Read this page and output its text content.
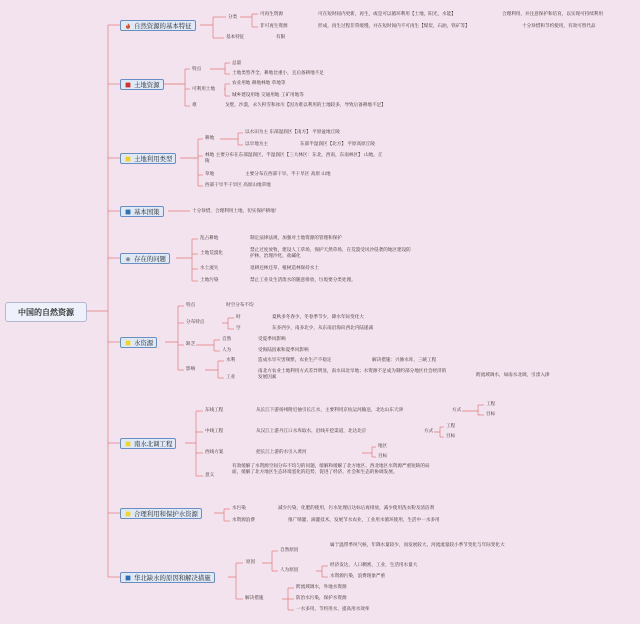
中国的自然资源
自然资源的基本特征
土地资源
土地利用类型
基本国策
存在的问题
水资源
南水北调工程
合理利用和保护水资源
华北缺水的原因和解决措施
分类
可再生资源	可在短时间内更新，再生，或是可以循环利用【土地，阳光，水能】	合理利用，并注意保护和培育，以实现可持续利用
非可再生资源	形成，再生过程非常缓慢，并在短时间内不可再生【煤炭，石油，铁矿等】	十分珍惜和节约使用，有效可替代品
基本特征	有限
特点
总量
土地类型齐全，耕地比重小，且后备耕地不足
可利用土地
农业用地 耕地林地 草地等
城乡建设用地 交通用地 工矿用地等
难	戈壁，沙漠，永久积雪和冰川【因为难以利用的土地较多，导致后备耕地不足】
耕地
以水田为主 东部湿润区【南方】 平原盆地丘陵
以旱地为主	东部半湿润区【北方】 平原高原丘陵
林地 主要分布在东部湿润区，半湿润区【三大林区：东北，西南，东南林区】 山地，丘陵
草地	主要分布在西部干旱、半干旱区 高原 山地
西部干旱半干旱区 高原山地草地
十分珍惜，合理利用土地，切实保护耕地！
乱占耕地	制定法律法规，加强对土地资源的管理和保护
土地荒漠化
禁止过度放牧，建设人工草场，保护天然草场，在荒漠受风沙侵袭的地区建设防护林，治理沙化，盐碱化
水土流失	退耕还林还草，植树造林保持水土
土地污染	禁止工业及生活废水的随意排放，垃圾要分类处理。
特点	时空分布不均
分布特点
时	夏秋多冬春少，冬春季节少，降水年际变化大
空	东多西少，南多北少，从东南沿海向西北内陆递减
缺乏
自然	受夏季风影响
人为	受海陆因素和夏季风影响
影响
水利	造成水旱灾害频繁，农业生产不稳定	解决措施：兴修水库，三峡工程
工业
南北方农业土地利用方式差异明显，南水田北旱地；水资源不足成为制约部分地区社会经济的发展因素	跨流域调水，如南水北调，引滦入津
东线工程	从长江下游扬州附近抽引长江水，主要利用京杭运河输送，北达山东天津	方式
工程
目标
中线工程	从汉江上游丹江口水库取水，沿线开挖渠道，北达北京	方式
工程
目标
西线方案	把长江上游的水引入黄河
地区
目标
意义
有效缓解了水资源空间分布不均匀的问题，缓解和缓解了北方地区、西北地区水资源严重短缺的局面，缓解了北方地区生态环境恶化的趋势，促进了经济、社会和生态的协调发展。
水污染	减少污染，化肥的使用，污水处理后达标后再排放，减少使用洗衣粉及清洁剂
水资源浪费	推广喷灌、滴灌技术，发展节水农业，工业用水循环使用，生活中一水多用
原因
自然原因
属于温带季风气候，年降水量较少，而发展较大，河流流量较小季节变化与年际变化大
人为原因
经济发达，人口稠密，工业，生活用水量大
水资源污染，浪费现象严重
解决措施
跨流域调水，外地水资源
防治水污染，保护水资源
一水多用，节约用水，提高用水效率
